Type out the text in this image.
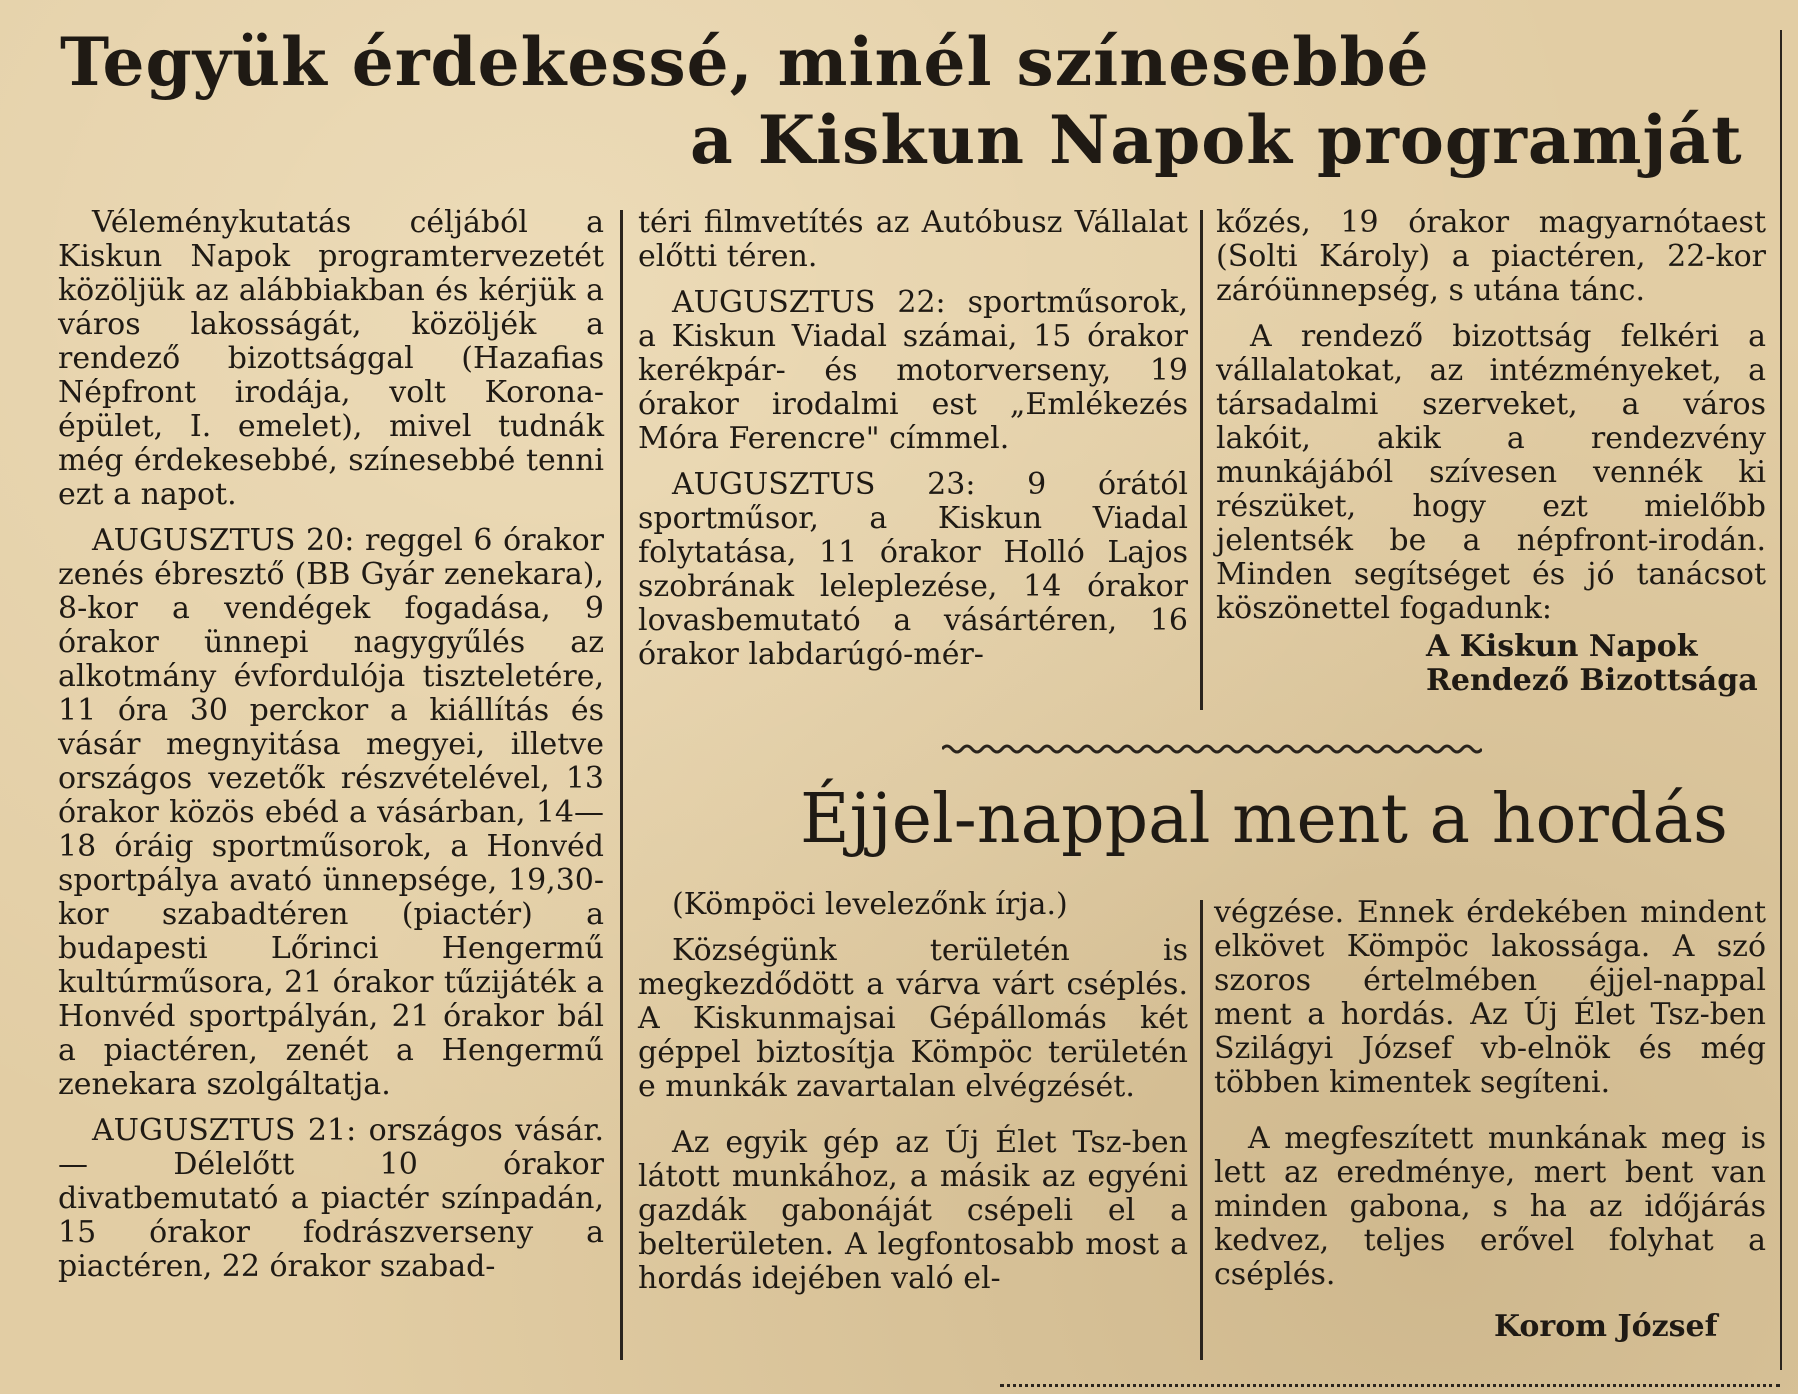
Tegyük érdekessé, minél színesebbé
a Kiskun Napok programját

Véleménykutatás céljából a Kiskun Napok programtervezetét közöljük az alábbiakban és kérjük a város lakosságát, közöljék a rendező bizottsággal (Hazafias Népfront irodája, volt Korona-épület, I. emelet), mivel tudnák még érdekesebbé, színesebbé tenni ezt a napot.

AUGUSZTUS 20: reggel 6 órakor zenés ébresztő (BB Gyár zenekara), 8-kor a vendégek fogadása, 9 órakor ünnepi nagygyűlés az alkotmány évfordulója tiszteletére, 11 óra 30 perckor a kiállítás és vásár megnyitása megyei, illetve országos vezetők részvételével, 13 órakor közös ebéd a vásárban, 14—18 óráig sportműsorok, a Honvéd sportpálya avató ünnepsége, 19,30-kor szabadtéren (piactér) a budapesti Lőrinci Hengermű kultúrműsora, 21 órakor tűzijáték a Honvéd sportpályán, 21 órakor bál a piactéren, zenét a Hengermű zenekara szolgáltatja.

AUGUSZTUS 21: országos vásár. — Délelőtt 10 órakor divatbemutató a piactér színpadán, 15 órakor fodrászverseny a piactéren, 22 órakor szabad-

téri filmvetítés az Autóbusz Vállalat előtti téren.

AUGUSZTUS 22: sportműsorok, a Kiskun Viadal számai, 15 órakor kerékpár- és motorverseny, 19 órakor irodalmi est „Emlékezés Móra Ferencre" címmel.

AUGUSZTUS 23: 9 órától sportműsor, a Kiskun Viadal folytatása, 11 órakor Holló Lajos szobrának leleplezése, 14 órakor lovasbemutató a vásártéren, 16 órakor labdarúgó-mér-

kőzés, 19 órakor magyarnótaest (Solti Károly) a piactéren, 22-kor záróünnepség, s utána tánc.

A rendező bizottság felkéri a vállalatokat, az intézményeket, a társadalmi szerveket, a város lakóit, akik a rendezvény munkájából szívesen vennék ki részüket, hogy ezt mielőbb jelentsék be a népfront-irodán. Minden segítséget és jó tanácsot köszönettel fogadunk:

A Kiskun Napok
Rendező Bizottsága
Éjjel-nappal ment a hordás

(Kömpöci levelezőnk írja.)

Községünk területén is megkezdődött a várva várt cséplés. A Kiskunmajsai Gépállomás két géppel biztosítja Kömpöc területén e munkák zavartalan elvégzését.

Az egyik gép az Új Élet Tsz-ben látott munkához, a másik az egyéni gazdák gabonáját csépeli el a belterületen. A legfontosabb most a hordás idejében való el-

végzése. Ennek érdekében mindent elkövet Kömpöc lakossága. A szó szoros értelmében éjjel-nappal ment a hordás. Az Új Élet Tsz-ben Szilágyi József vb-elnök és még többen kimentek segíteni.

A megfeszített munkának meg is lett az eredménye, mert bent van minden gabona, s ha az időjárás kedvez, teljes erővel folyhat a cséplés.

Korom József
